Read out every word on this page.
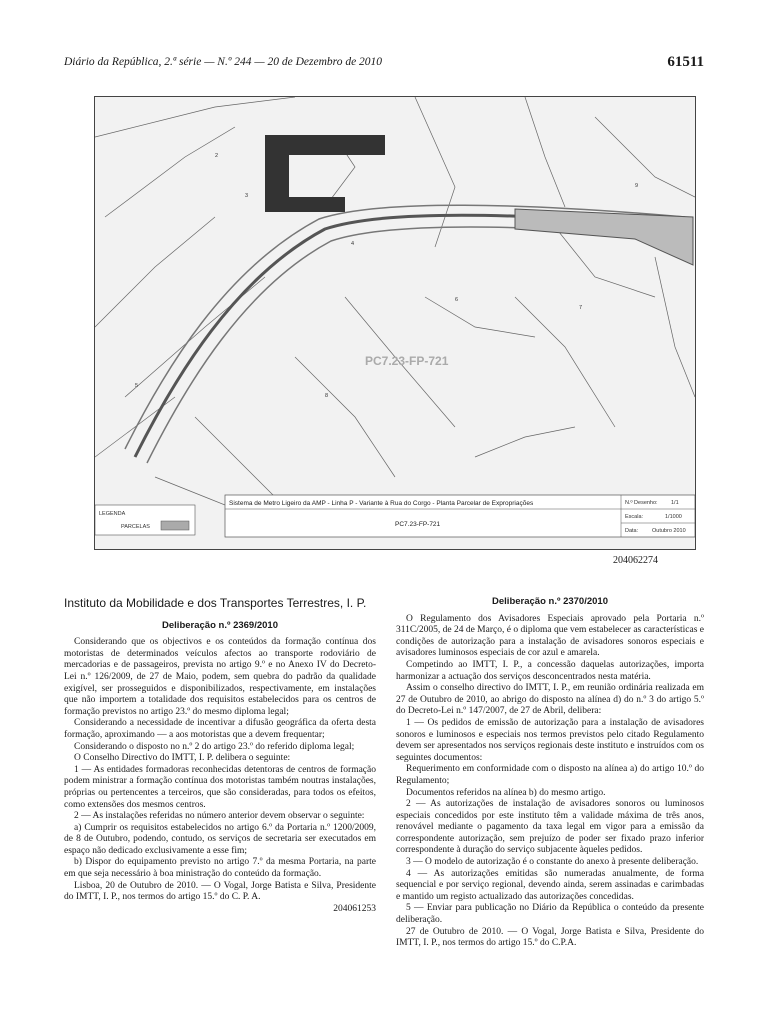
Diário da República, 2.ª série — N.º 244 — 20 de Dezembro de 2010	61511
PC7.23-FP-721
2
6
4
7
8
9
5
3
LEGENDA
PARCELAS
Sistema de Metro Ligeiro da AMP - Linha P - Variante à Rua do Corgo - Planta Parcelar de Expropriações
PC7.23-FP-721
N.º Desenho: 1/1
Escala:	1/1000
Data:	Outubro 2010
204062274
Instituto da Mobilidade e dos Transportes Terrestres, I. P.
Deliberação n.º 2369/2010

Considerando que os objectivos e os conteúdos da formação contínua dos motoristas de determinados veículos afectos ao transporte rodoviário de mercadorias e de passageiros, prevista no artigo 9.º e no Anexo IV do Decreto-Lei n.º 126/2009, de 27 de Maio, podem, sem quebra do padrão da qualidade exigível, ser prosseguidos e disponibilizados, respectivamente, em instalações que não importem a totalidade dos requisitos estabelecidos para os centros de formação previstos no artigo 23.º do mesmo diploma legal;

Considerando a necessidade de incentivar a difusão geográfica da oferta desta formação, aproximando — a aos motoristas que a devem frequentar;

Considerando o disposto no n.º 2 do artigo 23.º do referido diploma legal;

O Conselho Directivo do IMTT, I. P. delibera o seguinte:

1 — As entidades formadoras reconhecidas detentoras de centros de formação podem ministrar a formação contínua dos motoristas também noutras instalações, próprias ou pertencentes a terceiros, que são consideradas, para todos os efeitos, como extensões dos mesmos centros.

2 — As instalações referidas no número anterior devem observar o seguinte:

a) Cumprir os requisitos estabelecidos no artigo 6.º da Portaria n.º 1200/2009, de 8 de Outubro, podendo, contudo, os serviços de secretaria ser executados em espaço não dedicado exclusivamente a esse fim;

b) Dispor do equipamento previsto no artigo 7.º da mesma Portaria, na parte em que seja necessário à boa ministração do conteúdo da formação.

Lisboa, 20 de Outubro de 2010. — O Vogal, Jorge Batista e Silva, Presidente do IMTT, I. P., nos termos do artigo 15.º do C. P. A.

204061253

Deliberação n.º 2370/2010

O Regulamento dos Avisadores Especiais aprovado pela Portaria n.º 311C/2005, de 24 de Março, é o diploma que vem estabelecer as características e condições de autorização para a instalação de avisadores sonoros especiais e avisadores luminosos especiais de cor azul e amarela.

Competindo ao IMTT, I. P., a concessão daquelas autorizações, importa harmonizar a actuação dos serviços desconcentrados nesta matéria.

Assim o conselho directivo do IMTT, I. P., em reunião ordinária realizada em 27 de Outubro de 2010, ao abrigo do disposto na alínea d) do n.º 3 do artigo 5.º do Decreto-Lei n.º 147/2007, de 27 de Abril, delibera:

1 — Os pedidos de emissão de autorização para a instalação de avisadores sonoros e luminosos e especiais nos termos previstos pelo citado Regulamento devem ser apresentados nos serviços regionais deste instituto e instruídos com os seguintes documentos:

Requerimento em conformidade com o disposto na alínea a) do artigo 10.º do Regulamento;

Documentos referidos na alínea b) do mesmo artigo.

2 — As autorizações de instalação de avisadores sonoros ou luminosos especiais concedidos por este instituto têm a validade máxima de três anos, renovável mediante o pagamento da taxa legal em vigor para a emissão da correspondente autorização, sem prejuízo de poder ser fixado prazo inferior correspondente à duração do serviço subjacente àqueles pedidos.

3 — O modelo de autorização é o constante do anexo à presente deliberação.

4 — As autorizações emitidas são numeradas anualmente, de forma sequencial e por serviço regional, devendo ainda, serem assinadas e carimbadas e mantido um registo actualizado das autorizações concedidas.

5 — Enviar para publicação no Diário da República o conteúdo da presente deliberação.

27 de Outubro de 2010. — O Vogal, Jorge Batista e Silva, Presidente do IMTT, I. P., nos termos do artigo 15.º do C.P.A.
